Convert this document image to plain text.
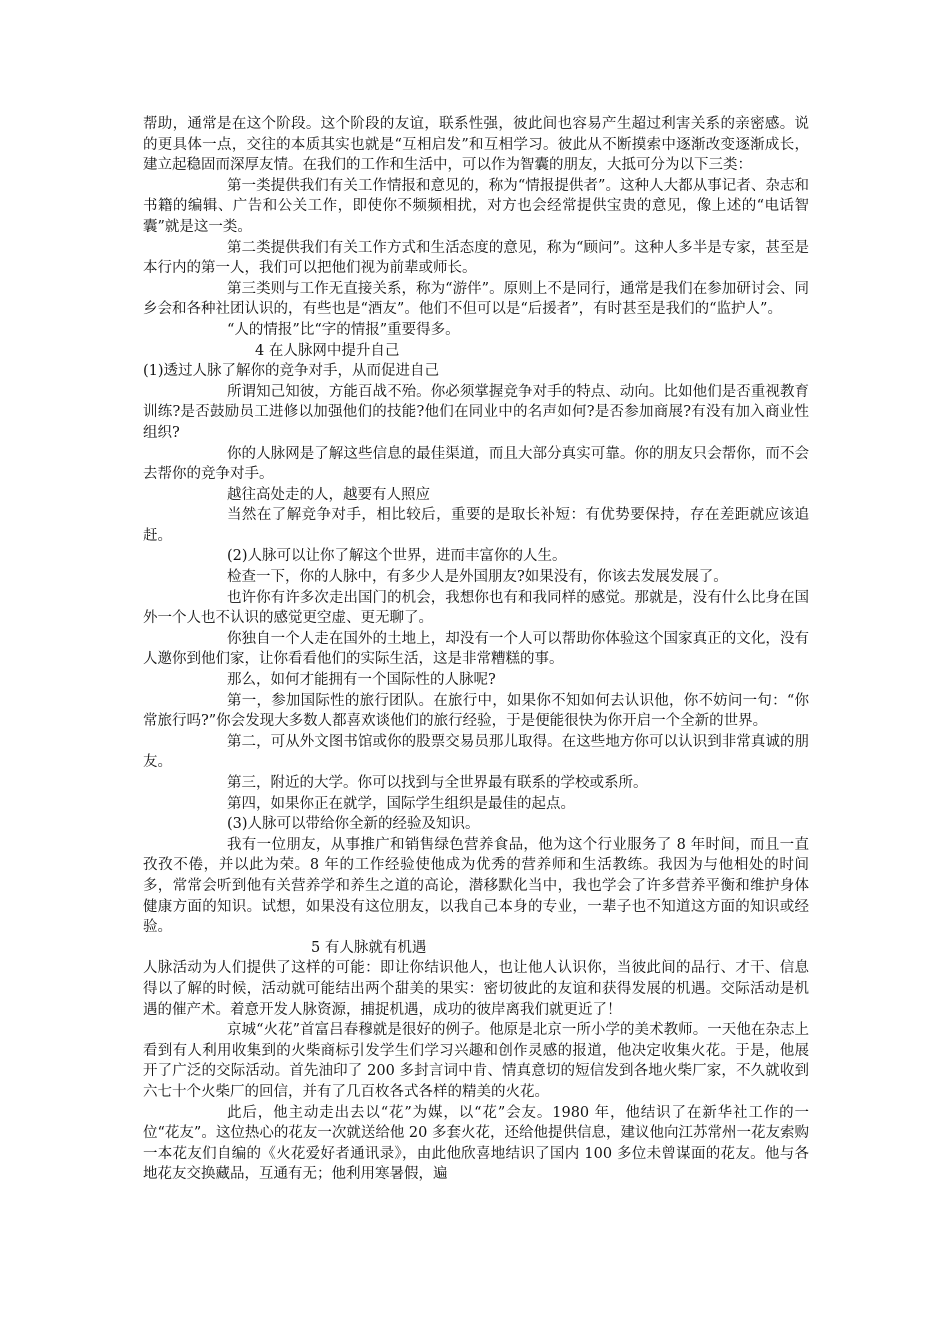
帮助，通常是在这个阶段。这个阶段的友谊，联系性强，彼此间也容易产生超过利害关系的亲密感。说的更具体一点，交往的本质其实也就是“互相启发”和互相学习。彼此从不断摸索中逐渐改变逐渐成长，建立起稳固而深厚友情。在我们的工作和生活中，可以作为智囊的朋友，大抵可分为以下三类：

第一类提供我们有关工作情报和意见的，称为“情报提供者”。这种人大都从事记者、杂志和书籍的编辑、广告和公关工作，即使你不频频相扰，对方也会经常提供宝贵的意见，像上述的“电话智囊”就是这一类。

第二类提供我们有关工作方式和生活态度的意见，称为“顾问”。这种人多半是专家，甚至是本行内的第一人，我们可以把他们视为前辈或师长。

第三类则与工作无直接关系，称为“游伴”。原则上不是同行，通常是我们在参加研讨会、同乡会和各种社团认识的，有些也是“酒友”。他们不但可以是“后援者”，有时甚至是我们的“监护人”。

“人的情报”比“字的情报”重要得多。

4 在人脉网中提升自己

(1)透过人脉了解你的竞争对手，从而促进自己

所谓知己知彼，方能百战不殆。你必须掌握竞争对手的特点、动向。比如他们是否重视教育训练?是否鼓励员工进修以加强他们的技能?他们在同业中的名声如何?是否参加商展?有没有加入商业性组织?

你的人脉网是了解这些信息的最佳渠道，而且大部分真实可靠。你的朋友只会帮你，而不会去帮你的竞争对手。

越往高处走的人，越要有人照应

当然在了解竞争对手，相比较后，重要的是取长补短：有优势要保持，存在差距就应该追赶。

(2)人脉可以让你了解这个世界，进而丰富你的人生。

检查一下，你的人脉中，有多少人是外国朋友?如果没有，你该去发展发展了。

也许你有许多次走出国门的机会，我想你也有和我同样的感觉。那就是，没有什么比身在国外一个人也不认识的感觉更空虚、更无聊了。

你独自一个人走在国外的土地上，却没有一个人可以帮助你体验这个国家真正的文化，没有人邀你到他们家，让你看看他们的实际生活，这是非常糟糕的事。

那么，如何才能拥有一个国际性的人脉呢?

第一，参加国际性的旅行团队。在旅行中，如果你不知如何去认识他，你不妨问一句：“你常旅行吗?”你会发现大多数人都喜欢谈他们的旅行经验，于是便能很快为你开启一个全新的世界。

第二，可从外文图书馆或你的股票交易员那儿取得。在这些地方你可以认识到非常真诚的朋友。

第三，附近的大学。你可以找到与全世界最有联系的学校或系所。

第四，如果你正在就学，国际学生组织是最佳的起点。

(3)人脉可以带给你全新的经验及知识。

我有一位朋友，从事推广和销售绿色营养食品，他为这个行业服务了 8 年时间，而且一直孜孜不倦，并以此为荣。8 年的工作经验使他成为优秀的营养师和生活教练。我因为与他相处的时间多，常常会听到他有关营养学和养生之道的高论，潜移默化当中，我也学会了许多营养平衡和维护身体健康方面的知识。试想，如果没有这位朋友，以我自己本身的专业，一辈子也不知道这方面的知识或经验。

5 有人脉就有机遇

人脉活动为人们提供了这样的可能：即让你结识他人，也让他人认识你，当彼此间的品行、才干、信息得以了解的时候，活动就可能结出两个甜美的果实：密切彼此的友谊和获得发展的机遇。交际活动是机遇的催产术。着意开发人脉资源，捕捉机遇，成功的彼岸离我们就更近了！

京城“火花”首富吕春穆就是很好的例子。他原是北京一所小学的美术教师。一天他在杂志上看到有人利用收集到的火柴商标引发学生们学习兴趣和创作灵感的报道，他决定收集火花。于是，他展开了广泛的交际活动。首先油印了 200 多封言词中肯、情真意切的短信发到各地火柴厂家，不久就收到六七十个火柴厂的回信，并有了几百枚各式各样的精美的火花。

此后，他主动走出去以“花”为媒，以“花”会友。1980 年，他结识了在新华社工作的一位“花友”。这位热心的花友一次就送给他 20 多套火花，还给他提供信息，建议他向江苏常州一花友索购一本花友们自编的《火花爱好者通讯录》，由此他欣喜地结识了国内 100 多位未曾谋面的花友。他与各地花友交换藏品，互通有无；他利用寒暑假，遍
